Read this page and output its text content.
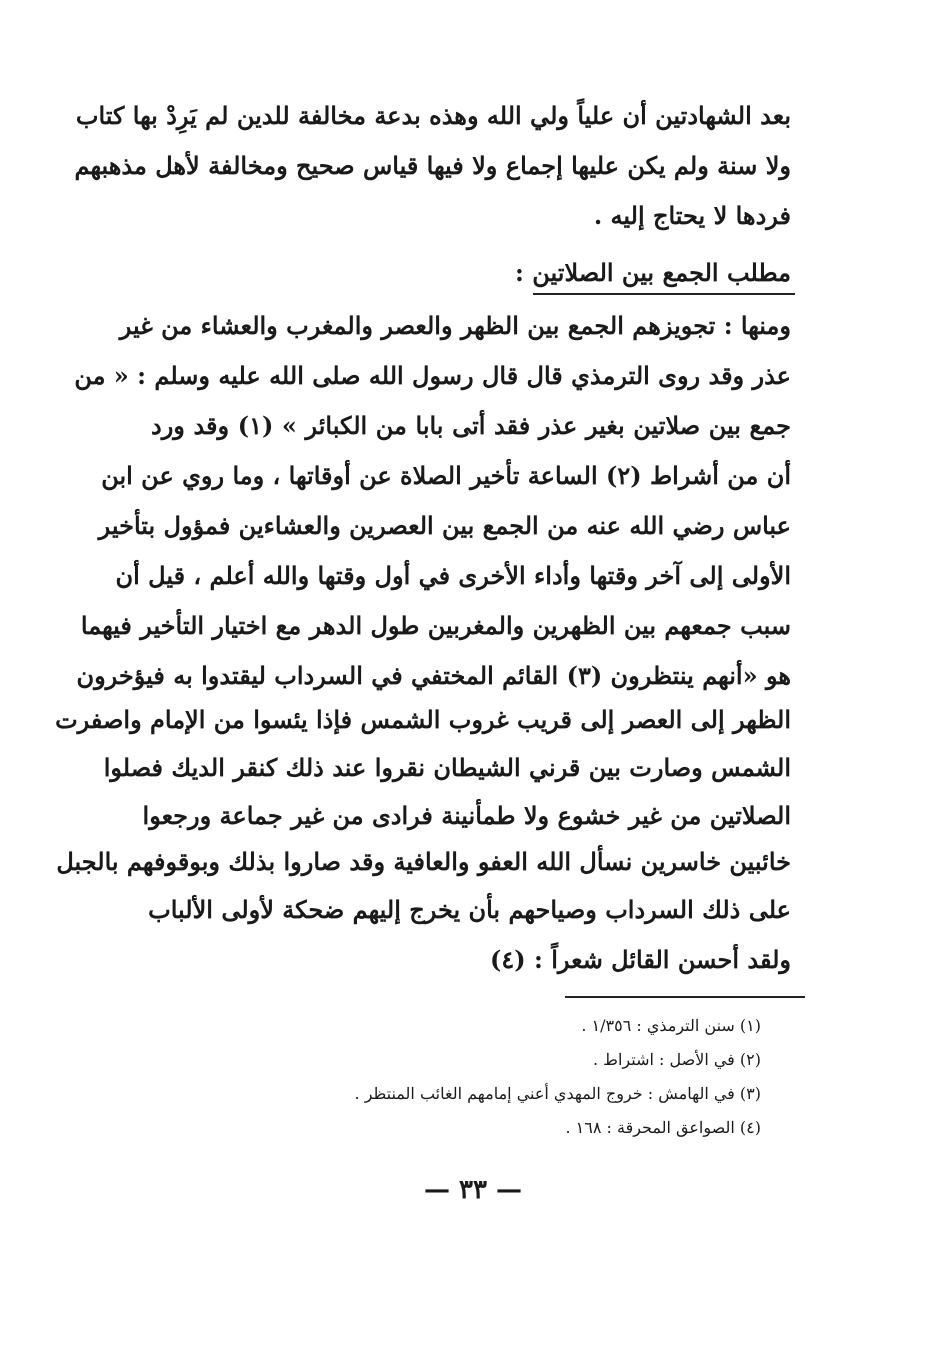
بعد الشهادتين أن علياً ولي الله وهذه بدعة مخالفة للدين لم يَرِدْ بها كتاب
ولا سنة ولم يكن عليها إجماع ولا فيها قياس صحيح ومخالفة لأهل مذهبهم
فردها لا يحتاج إليه .
مطلب الجمع بين الصلاتين :
ومنها : تجويزهم الجمع بين الظهر والعصر والمغرب والعشاء من غير
عذر وقد روى الترمذي قال قال رسول الله صلى الله عليه وسلم : « من
جمع بين صلاتين بغير عذر فقد أتى بابا من الكبائر » (١) وقد ورد
أن من أشراط (٢) الساعة تأخير الصلاة عن أوقاتها ، وما روي عن ابن
عباس رضي الله عنه من الجمع بين العصرين والعشاءين فمؤول بتأخير
الأولى إلى آخر وقتها وأداء الأخرى في أول وقتها والله أعلم ، قيل أن
سبب جمعهم بين الظهرين والمغربين طول الدهر مع اختيار التأخير فيهما
هو «أنهم ينتظرون (٣) القائم المختفي في السرداب ليقتدوا به فيؤخرون
الظهر إلى العصر إلى قريب غروب الشمس فإذا يئسوا من الإمام واصفرت
الشمس وصارت بين قرني الشيطان نقروا عند ذلك كنقر الديك فصلوا
الصلاتين من غير خشوع ولا طمأنينة فرادى من غير جماعة ورجعوا
خائبين خاسرين نسأل الله العفو والعافية وقد صاروا بذلك وبوقوفهم بالجبل
على ذلك السرداب وصياحهم بأن يخرج إليهم ضحكة لأولى الألباب
ولقد أحسن القائل شعراً : (٤)
(١) سنن الترمذي : ١/٣٥٦ .
(٢) في الأصل : اشتراط .
(٣) في الهامش : خروج المهدي أعني إمامهم الغائب المنتظر .
(٤) الصواعق المحرقة : ١٦٨ .
— ٣٣ —
